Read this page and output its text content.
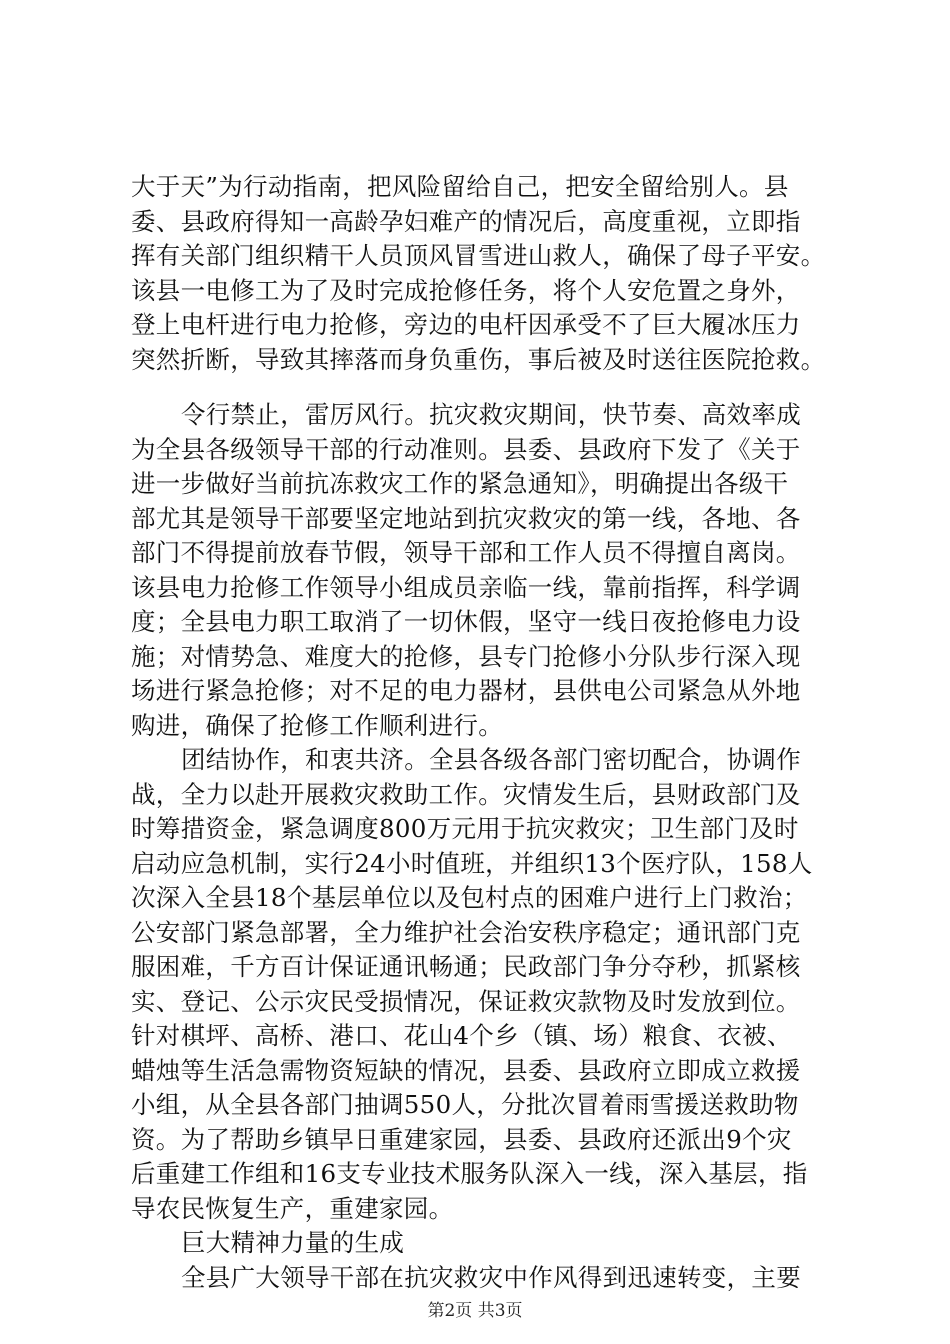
大于天”为行动指南，把风险留给自己，把安全留给别人。县
委、县政府得知一高龄孕妇难产的情况后，高度重视，立即指
挥有关部门组织精干人员顶风冒雪进山救人，确保了母子平安。
该县一电修工为了及时完成抢修任务，将个人安危置之身外，
登上电杆进行电力抢修，旁边的电杆因承受不了巨大履冰压力
突然折断，导致其摔落而身负重伤，事后被及时送往医院抢救。
令行禁止，雷厉风行。抗灾救灾期间，快节奏、高效率成
为全县各级领导干部的行动准则。县委、县政府下发了《关于
进一步做好当前抗冻救灾工作的紧急通知》，明确提出各级干
部尤其是领导干部要坚定地站到抗灾救灾的第一线，各地、各
部门不得提前放春节假，领导干部和工作人员不得擅自离岗。
该县电力抢修工作领导小组成员亲临一线，靠前指挥，科学调
度；全县电力职工取消了一切休假，坚守一线日夜抢修电力设
施；对情势急、难度大的抢修，县专门抢修小分队步行深入现
场进行紧急抢修；对不足的电力器材，县供电公司紧急从外地
购进，确保了抢修工作顺利进行。
团结协作，和衷共济。全县各级各部门密切配合，协调作
战，全力以赴开展救灾救助工作。灾情发生后，县财政部门及
时筹措资金，紧急调度800万元用于抗灾救灾；卫生部门及时
启动应急机制，实行24小时值班，并组织13个医疗队，158人
次深入全县18个基层单位以及包村点的困难户进行上门救治；
公安部门紧急部署，全力维护社会治安秩序稳定；通讯部门克
服困难，千方百计保证通讯畅通；民政部门争分夺秒，抓紧核
实、登记、公示灾民受损情况，保证救灾款物及时发放到位。
针对棋坪、高桥、港口、花山4个乡（镇、场）粮食、衣被、
蜡烛等生活急需物资短缺的情况，县委、县政府立即成立救援
小组，从全县各部门抽调550人，分批次冒着雨雪援送救助物
资。为了帮助乡镇早日重建家园，县委、县政府还派出9个灾
后重建工作组和16支专业技术服务队深入一线，深入基层，指
导农民恢复生产，重建家园。
巨大精神力量的生成
全县广大领导干部在抗灾救灾中作风得到迅速转变，主要
第2页 共3页
